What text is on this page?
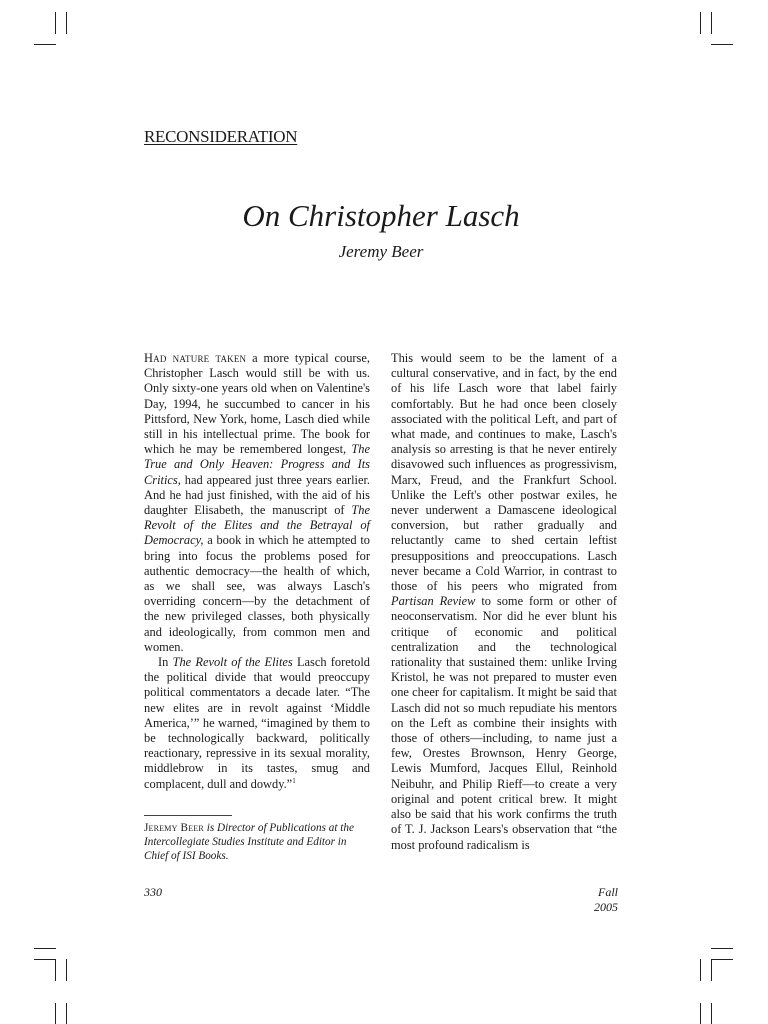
RECONSIDERATION
On Christopher Lasch
Jeremy Beer

Had nature taken a more typical course, Christopher Lasch would still be with us. Only sixty-one years old when on Valentine's Day, 1994, he succumbed to cancer in his Pittsford, New York, home, Lasch died while still in his intellectual prime. The book for which he may be remembered longest, The True and Only Heaven: Progress and Its Critics, had appeared just three years earlier. And he had just finished, with the aid of his daughter Elisabeth, the manuscript of The Revolt of the Elites and the Betrayal of Democracy, a book in which he attempted to bring into focus the problems posed for authentic democracy—the health of which, as we shall see, was always Lasch's overriding concern—by the detachment of the new privileged classes, both physically and ideologically, from common men and women.

In The Revolt of the Elites Lasch foretold the political divide that would preoccupy political commentators a decade later. “The new elites are in revolt against ‘Middle America,’” he warned, “imagined by them to be technologically backward, politically reactionary, repressive in its sexual morality, middlebrow in its tastes, smug and complacent, dull and dowdy.”$^1$

Jeremy Beer is Director of Publications at the Intercollegiate Studies Institute and Editor in Chief of ISI Books.

This would seem to be the lament of a cultural conservative, and in fact, by the end of his life Lasch wore that label fairly comfortably. But he had once been closely associated with the political Left, and part of what made, and continues to make, Lasch's analysis so arresting is that he never entirely disavowed such influences as progressivism, Marx, Freud, and the Frankfurt School. Unlike the Left's other postwar exiles, he never underwent a Damascene ideological conversion, but rather gradually and reluctantly came to shed certain leftist presuppositions and preoccupations. Lasch never became a Cold Warrior, in contrast to those of his peers who migrated from Partisan Review to some form or other of neoconservatism. Nor did he ever blunt his critique of economic and political centralization and the technological rationality that sustained them: unlike Irving Kristol, he was not prepared to muster even one cheer for capitalism. It might be said that Lasch did not so much repudiate his mentors on the Left as combine their insights with those of others—including, to name just a few, Orestes Brownson, Henry George, Lewis Mumford, Jacques Ellul, Reinhold Neibuhr, and Philip Rieff—to create a very original and potent critical brew. It might also be said that his work confirms the truth of T. J. Jackson Lears's observation that “the most profound radicalism is

330	Fall 2005
